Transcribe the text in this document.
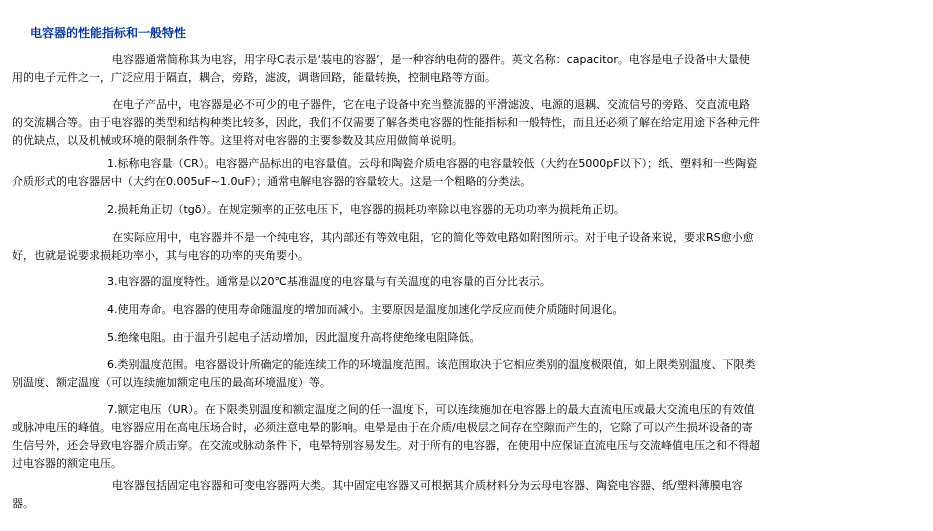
电容器的性能指标和一般特性

电容器通常简称其为电容，用字母C表示是‘装电的容器’，是一种容纳电荷的器件。英文名称：capacitor。电容是电子设备中大量使用的电子元件之一，广泛应用于隔直，耦合，旁路，滤波，调谐回路，能量转换，控制电路等方面。

在电子产品中，电容器是必不可少的电子器件，它在电子设备中充当整流器的平滑滤波、电源的退耦、交流信号的旁路、交直流电路的交流耦合等。由于电容器的类型和结构种类比较多，因此，我们不仅需要了解各类电容器的性能指标和一般特性，而且还必须了解在给定用途下各种元件的优缺点，以及机械或环境的限制条件等。这里将对电容器的主要参数及其应用做简单说明。

1.标称电容量（CR）。电容器产品标出的电容量值。云母和陶瓷介质电容器的电容量较低（大约在5000pF以下）；纸、塑料和一些陶瓷介质形式的电容器居中（大约在0.005uF~1.0uF）；通常电解电容器的容量较大。这是一个粗略的分类法。

2.损耗角正切（tgδ）。在规定频率的正弦电压下，电容器的损耗功率除以电容器的无功功率为损耗角正切。

在实际应用中，电容器并不是一个纯电容，其内部还有等效电阻，它的简化等效电路如附图所示。对于电子设备来说，要求RS愈小愈好，也就是说要求损耗功率小，其与电容的功率的夹角要小。

3.电容器的温度特性。通常是以20℃基准温度的电容量与有关温度的电容量的百分比表示。

4.使用寿命。电容器的使用寿命随温度的增加而减小。主要原因是温度加速化学反应而使介质随时间退化。

5.绝缘电阻。由于温升引起电子活动增加，因此温度升高将使绝缘电阻降低。

6.类别温度范围。电容器设计所确定的能连续工作的环境温度范围。该范围取决于它相应类别的温度极限值，如上限类别温度、下限类别温度、额定温度（可以连续施加额定电压的最高环境温度）等。

7.额定电压（UR）。在下限类别温度和额定温度之间的任一温度下，可以连续施加在电容器上的最大直流电压或最大交流电压的有效值或脉冲电压的峰值。电容器应用在高电压场合时，必须注意电晕的影响。电晕是由于在介质/电极层之间存在空隙而产生的，它除了可以产生损坏设备的寄生信号外，还会导致电容器介质击穿。在交流或脉动条件下，电晕特别容易发生。对于所有的电容器，在使用中应保证直流电压与交流峰值电压之和不得超过电容器的额定电压。

电容器包括固定电容器和可变电容器两大类。其中固定电容器又可根据其介质材料分为云母电容器、陶瓷电容器、纸/塑料薄膜电容器。
